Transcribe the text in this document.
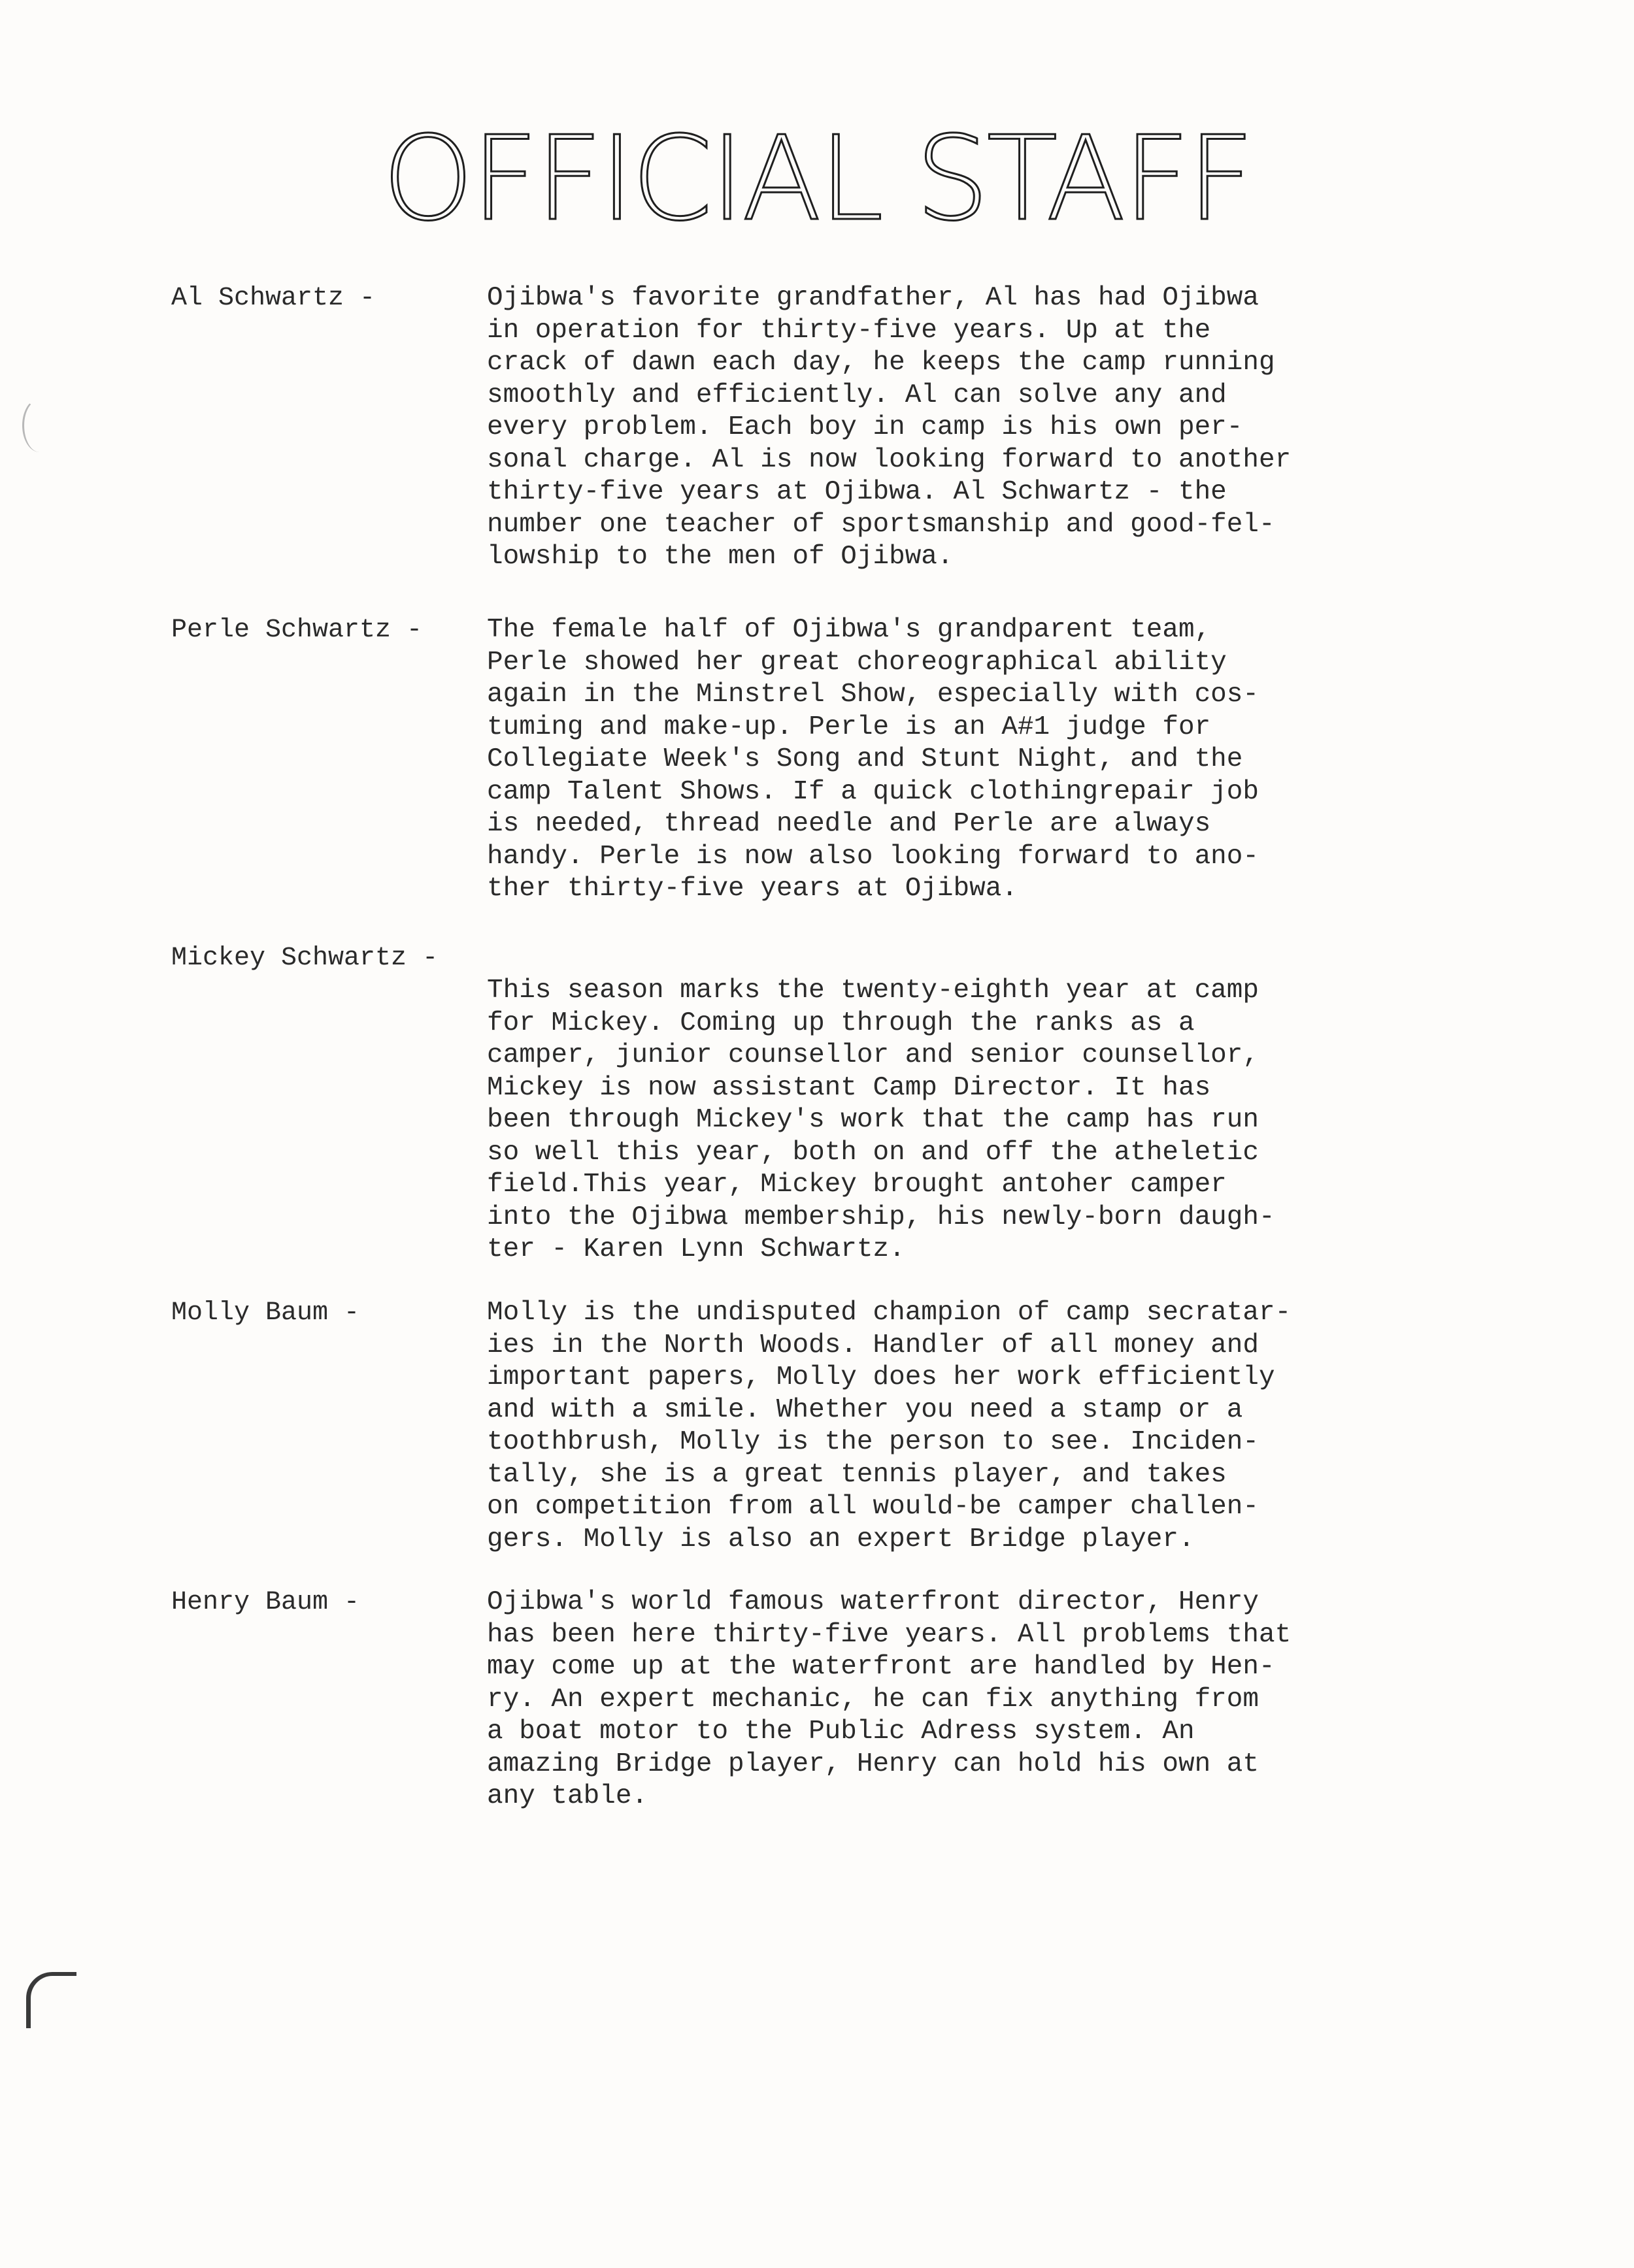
OFFICIAL STAFF
Al Schwartz -	Ojibwa's favorite grandfather, Al has had Ojibwa
in operation for thirty-five years. Up at the
crack of dawn each day, he keeps the camp running
smoothly and efficiently. Al can solve any and
every problem. Each boy in camp is his own per-
sonal charge. Al is now looking forward to another
thirty-five years at Ojibwa. Al Schwartz - the
number one teacher of sportsmanship and good-fel-
lowship to the men of Ojibwa.
Perle Schwartz - The female half of Ojibwa's grandparent team,
Perle showed her great choreographical ability
again in the Minstrel Show, especially with cos-
tuming and make-up. Perle is an A#1 judge for
Collegiate Week's Song and Stunt Night, and the
camp Talent Shows. If a quick clothingrepair job
is needed, thread needle and Perle are always
handy. Perle is now also looking forward to ano-
ther thirty-five years at Ojibwa.
Mickey Schwartz -
This season marks the twenty-eighth year at camp
for Mickey. Coming up through the ranks as a
camper, junior counsellor and senior counsellor,
Mickey is now assistant Camp Director. It has
been through Mickey's work that the camp has run
so well this year, both on and off the atheletic
field.This year, Mickey brought antoher camper
into the Ojibwa membership, his newly-born daugh-
ter - Karen Lynn Schwartz.
Molly Baum -	Molly is the undisputed champion of camp secratar-
ies in the North Woods. Handler of all money and
important papers, Molly does her work efficiently
and with a smile. Whether you need a stamp or a
toothbrush, Molly is the person to see. Inciden-
tally, she is a great tennis player, and takes
on competition from all would-be camper challen-
gers. Molly is also an expert Bridge player.
Henry Baum -	Ojibwa's world famous waterfront director, Henry
has been here thirty-five years. All problems that
may come up at the waterfront are handled by Hen-
ry. An expert mechanic, he can fix anything from
a boat motor to the Public Adress system. An
amazing Bridge player, Henry can hold his own at
any table.
